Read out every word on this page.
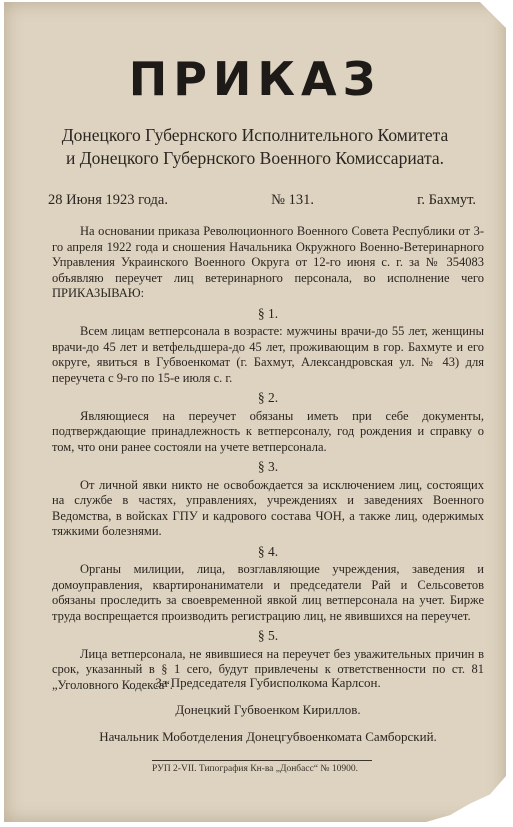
ПРИКАЗ
Донецкого Губернского Исполнительного Комитета
и Донецкого Губернского Военного Комиссариата.
28 Июня 1923 года.	№ 131.	г. Бахмут.

На основании приказа Революционного Военного Совета Республики от 3-го апреля 1922 года и сношения Начальника Окружного Военно-Ветеринарного Управления Украинского Военного Округа от 12-го июня с. г. за № 354083 объявляю переучет лиц ветеринарного персонала, во исполнение чего ПРИКАЗЫВАЮ:

§ 1.

Всем лицам ветперсонала в возрасте: мужчины врачи-до 55 лет, женщины врачи-до 45 лет и ветфельдшера-до 45 лет, проживающим в гор. Бахмуте и его округе, явиться в Губвоенкомат (г. Бахмут, Александровская ул. № 43) для переучета с 9-го по 15-е июля с. г.

§ 2.

Являющиеся на переучет обязаны иметь при себе документы, подтверждающие принадлежность к ветперсоналу, год рождения и справку о том, что они ранее состояли на учете ветперсонала.

§ 3.

От личной явки никто не освобождается за исключением лиц, состоящих на службе в частях, управлениях, учреждениях и заведениях Военного Ведомства, в войсках ГПУ и кадрового состава ЧОН, а также лиц, одержимых тяжкими болезнями.

§ 4.

Органы милиции, лица, возглавляющие учреждения, заведения и домоуправления, квартиронаниматели и председатели Рай и Сельсоветов обязаны проследить за своевременной явкой лиц ветперсонала на учет. Бирже труда воспрещается производить регистрацию лиц, не явившихся на переучет.

§ 5.

Лица ветперсонала, не явившиеся на переучет без уважительных причин в срок, указанный в § 1 сего, будут привлечены к ответственности по ст. 81 „Уголовного Кодекса“.

За Председателя Губисполкома Карлсон.
Донецкий Губвоенком Кириллов.
Начальник Моботделения Донецгубвоенкомата Самборский.
РУП 2-VII. Типография Кн-ва „Донбасс“ № 10900.
